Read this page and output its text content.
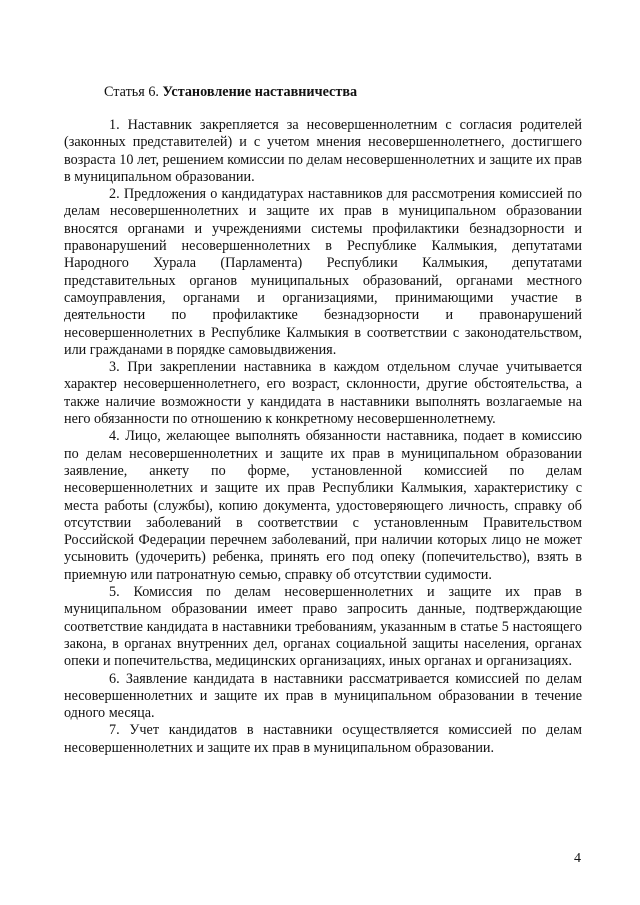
Статья 6. Установление наставничества

1. Наставник закрепляется за несовершеннолетним с согласия родителей (законных представителей) и с учетом мнения несовершеннолетнего, достигшего возраста 10 лет, решением комиссии по делам несовершеннолетних и защите их прав в муниципальном образовании.

2. Предложения о кандидатурах наставников для рассмотрения комиссией по делам несовершеннолетних и защите их прав в муниципальном образовании вносятся органами и учреждениями системы профилактики безнадзорности и правонарушений несовершеннолетних в Республике Калмыкия, депутатами Народного Хурала (Парламента) Республики Калмыкия, депутатами представительных органов муниципальных образований, органами местного самоуправления, органами и организациями, принимающими участие в деятельности по профилактике безнадзорности и правонарушений несовершеннолетних в Республике Калмыкия в соответствии с законодательством, или гражданами в порядке самовыдвижения.

3. При закреплении наставника в каждом отдельном случае учитывается характер несовершеннолетнего, его возраст, склонности, другие обстоятельства, а также наличие возможности у кандидата в наставники выполнять возлагаемые на него обязанности по отношению к конкретному несовершеннолетнему.

4. Лицо, желающее выполнять обязанности наставника, подает в комиссию по делам несовершеннолетних и защите их прав в муниципальном образовании заявление, анкету по форме, установленной комиссией по делам несовершеннолетних и защите их прав Республики Калмыкия, характеристику с места работы (службы), копию документа, удостоверяющего личность, справку об отсутствии заболеваний в соответствии с установленным Правительством Российской Федерации перечнем заболеваний, при наличии которых лицо не может усыновить (удочерить) ребенка, принять его под опеку (попечительство), взять в приемную или патронатную семью, справку об отсутствии судимости.

5. Комиссия по делам несовершеннолетних и защите их прав в муниципальном образовании имеет право запросить данные, подтверждающие соответствие кандидата в наставники требованиям, указанным в статье 5 настоящего закона, в органах внутренних дел, органах социальной защиты населения, органах опеки и попечительства, медицинских организациях, иных органах и организациях.

6. Заявление кандидата в наставники рассматривается комиссией по делам несовершеннолетних и защите их прав в муниципальном образовании в течение одного месяца.

7. Учет кандидатов в наставники осуществляется комиссией по делам несовершеннолетних и защите их прав в муниципальном образовании.

4
